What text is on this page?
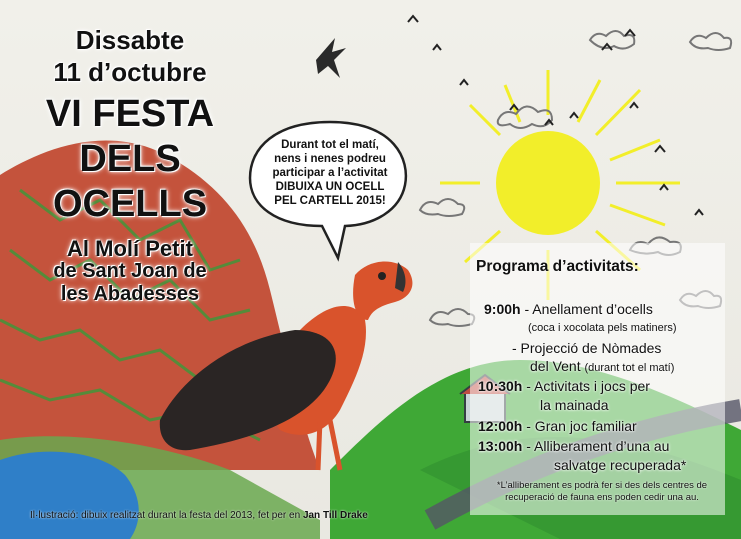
Dissabte
11 d’octubre
VI FESTA
DELS
OCELLS
Al Molí Petit
de Sant Joan de
les Abadesses
Durant tot el matí,
nens i nenes podreu
participar a l’activitat
DIBUIXA UN OCELL
PEL CARTELL 2015!
Programa d’activitats:
9:00h - Anellament d’ocells
(coca i xocolata pels matiners)
- Projecció de Nòmades
del Vent (durant tot el matí)
10:30h - Activitats i jocs per
la mainada
12:00h - Gran joc familiar
13:00h - Alliberament d’una au
salvatge recuperada*
*L’alliberament es podrà fer si des dels centres de recuperació de fauna ens poden cedir una au.
Il·lustració: dibuix realitzat durant la festa del 2013, fet per en Jan Till Drake
